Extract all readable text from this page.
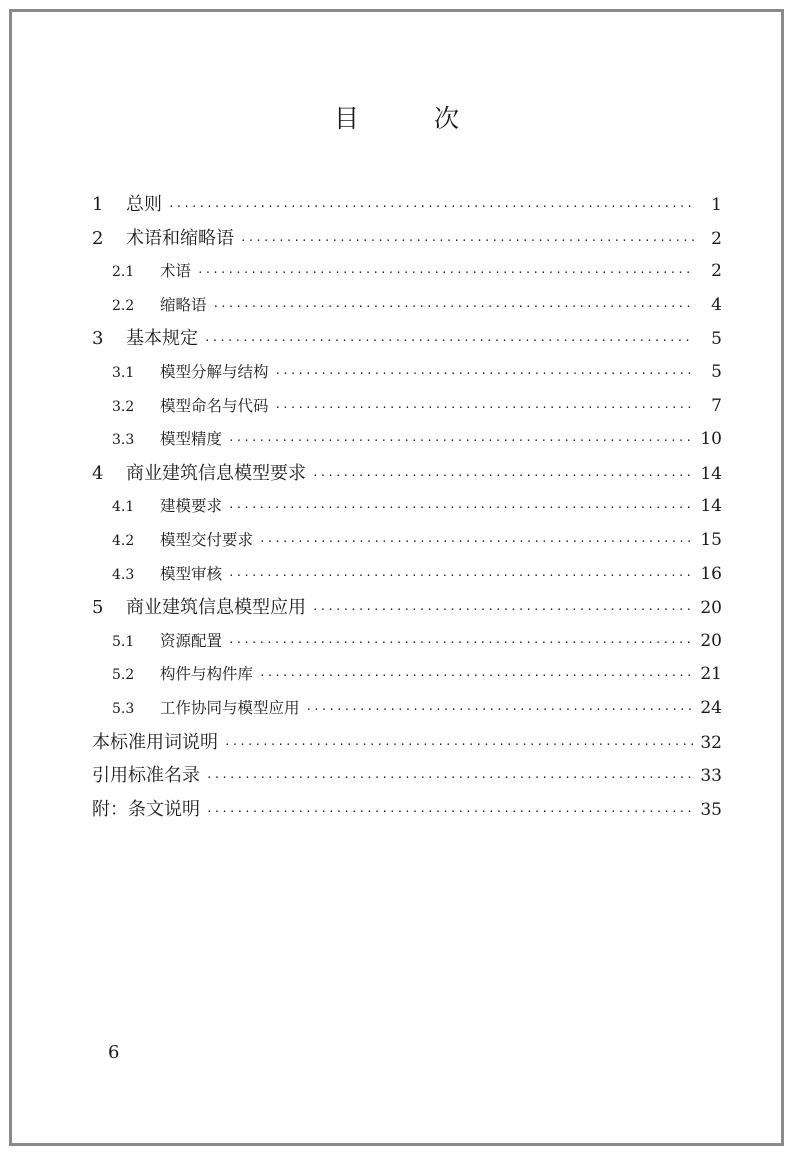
目　　　次
1	总则 ·····	1
2	术语和缩略语 ·····	2
2.1	术语 ·····	2
2.2	缩略语 ·····	4
3	基本规定 ·····	5
3.1	模型分解与结构 ·····	5
3.2	模型命名与代码 ·····	7
3.3	模型精度 ·····	10
4	商业建筑信息模型要求 ·····	14
4.1	建模要求 ·····	14
4.2	模型交付要求 ·····	15
4.3	模型审核 ·····	16
5	商业建筑信息模型应用 ·····	20
5.1	资源配置 ·····	20
5.2	构件与构件库 ·····	21
5.3	工作协同与模型应用 ·····	24
本标准用词说明 ·····	32
引用标准名录 ·····	33
附：条文说明 ·····	35
6
